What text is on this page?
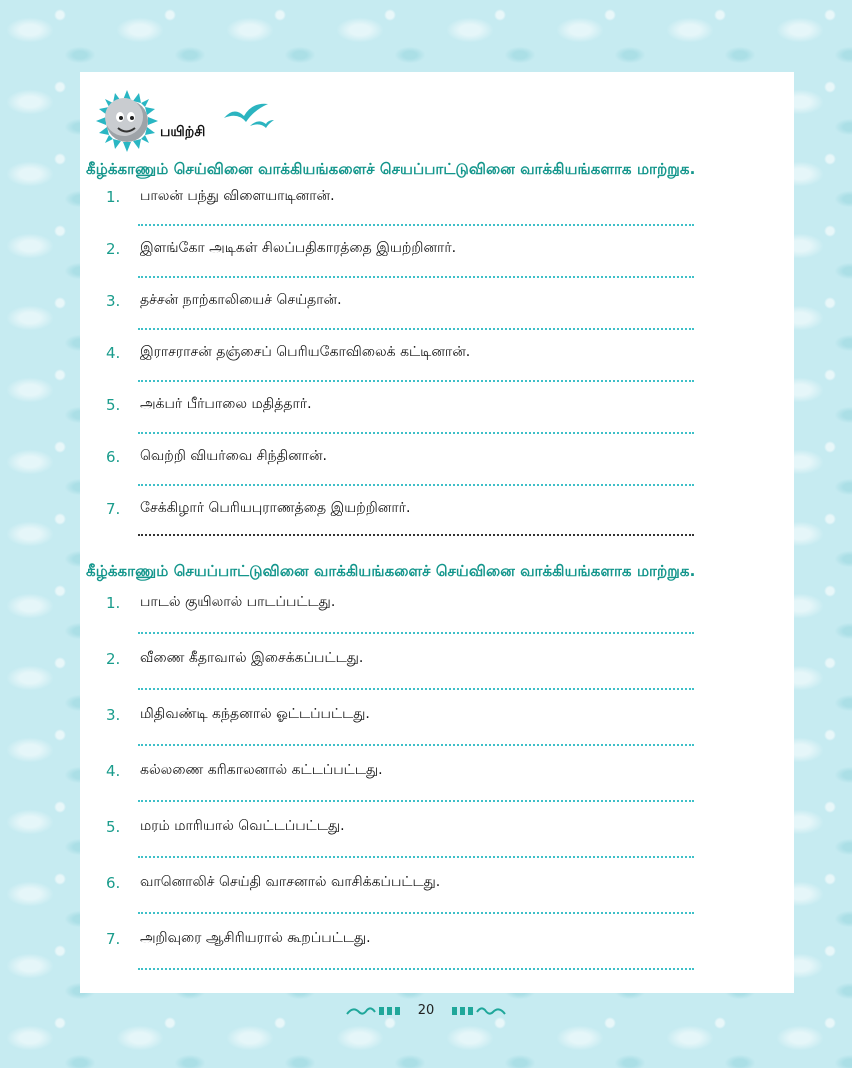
பயிற்சி
கீழ்க்காணும் செய்வினை வாக்கியங்களைச் செயப்பாட்டுவினை வாக்கியங்களாக மாற்றுக.
1.	பாலன் பந்து விளையாடினான்.
2.	இளங்கோ அடிகள் சிலப்பதிகாரத்தை இயற்றினார்.
3.	தச்சன் நாற்காலியைச் செய்தான்.
4.	இராசராசன் தஞ்சைப் பெரியகோவிலைக் கட்டினான்.
5.	அக்பர் பீர்பாலை மதித்தார்.
6.	வெற்றி வியர்வை சிந்தினான்.
7.	சேக்கிழார் பெரியபுராணத்தை இயற்றினார்.
கீழ்க்காணும் செயப்பாட்டுவினை வாக்கியங்களைச் செய்வினை வாக்கியங்களாக மாற்றுக.
1.	பாடல் குயிலால் பாடப்பட்டது.
2.	வீணை கீதாவால் இசைக்கப்பட்டது.
3.	மிதிவண்டி கந்தனால் ஓட்டப்பட்டது.
4.	கல்லணை கரிகாலனால் கட்டப்பட்டது.
5.	மரம் மாரியால் வெட்டப்பட்டது.
6.	வானொலிச் செய்தி வாசனால் வாசிக்கப்பட்டது.
7.	அறிவுரை ஆசிரியரால் கூறப்பட்டது.
20
